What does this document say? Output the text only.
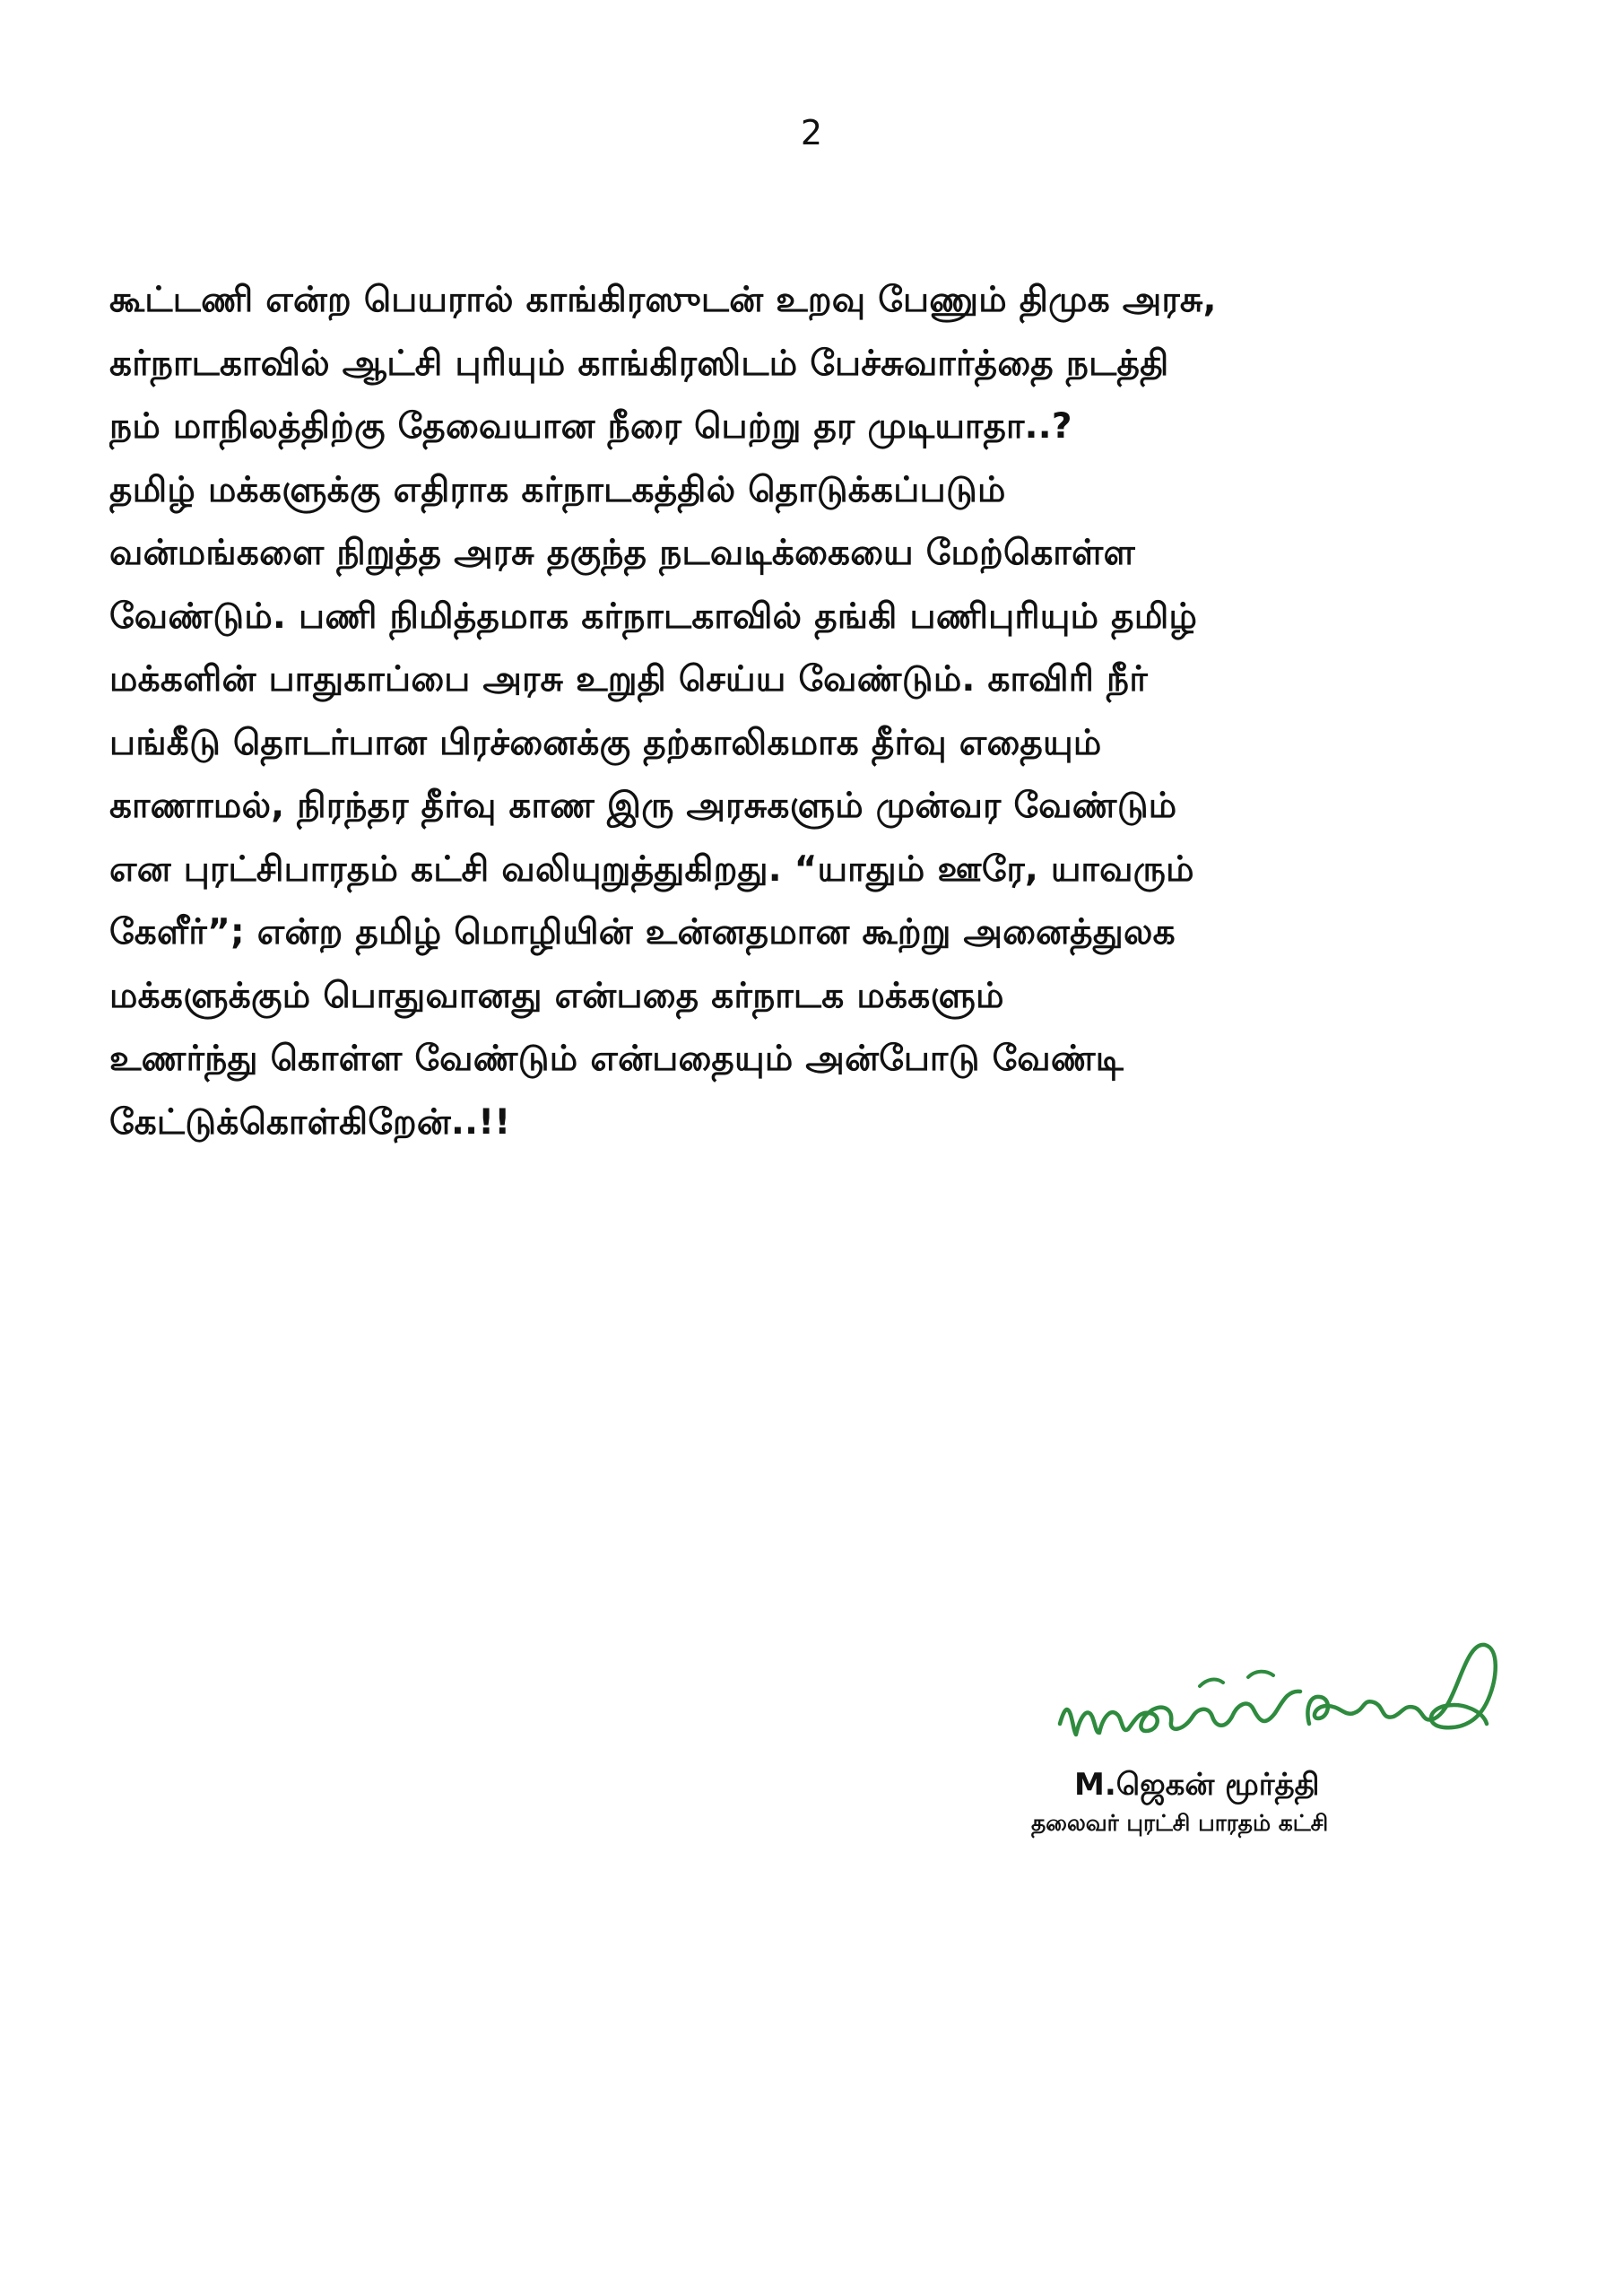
2
கூட்டணி என்ற பெயரால் காங்கிரஸுடன் உறவு பேணும் திமுக அரசு,
கர்நாடகாவில் ஆட்சி புரியும் காங்கிரஸிடம் பேச்சுவார்த்தை நடத்தி
நம் மாநிலத்திற்கு தேவையான நீரை பெற்று தர முடியாதா..?
தமிழ் மக்களுக்கு எதிராக கர்நாடகத்தில் தொடுக்கப்படும்
வன்மங்களை நிறுத்த அரசு தகுந்த நடவடிக்கையை மேற்கொள்ள
வேண்டும். பணி நிமித்தமாக கர்நாடகாவில் தங்கி பணிபுரியும் தமிழ்
மக்களின் பாதுகாப்பை அரசு உறுதி செய்ய வேண்டும். காவிரி நீர்
பங்கீடு தொடர்பான பிரச்னைக்கு தற்காலிகமாக தீர்வு எதையும்
காணாமல், நிரந்தர தீர்வு காண இரு அரசுகளும் முன்வர வேண்டும்
என புரட்சிபாரதம் கட்சி வலியுறுத்துகிறது. “யாதும் ஊரே, யாவரும்
கேளீர்”; என்ற தமிழ் மொழியின் உன்னதமான கூற்று அனைத்துலக
மக்களுக்கும் பொதுவானது என்பதை கர்நாடக மக்களும்
உணர்ந்து கொள்ள வேண்டும் என்பதையும் அன்போடு வேண்டி
கேட்டுக்கொள்கிறேன்..!!
M.ஜெகன் மூர்த்தி
தலைவர் புரட்சி பாரதம் கட்சி
